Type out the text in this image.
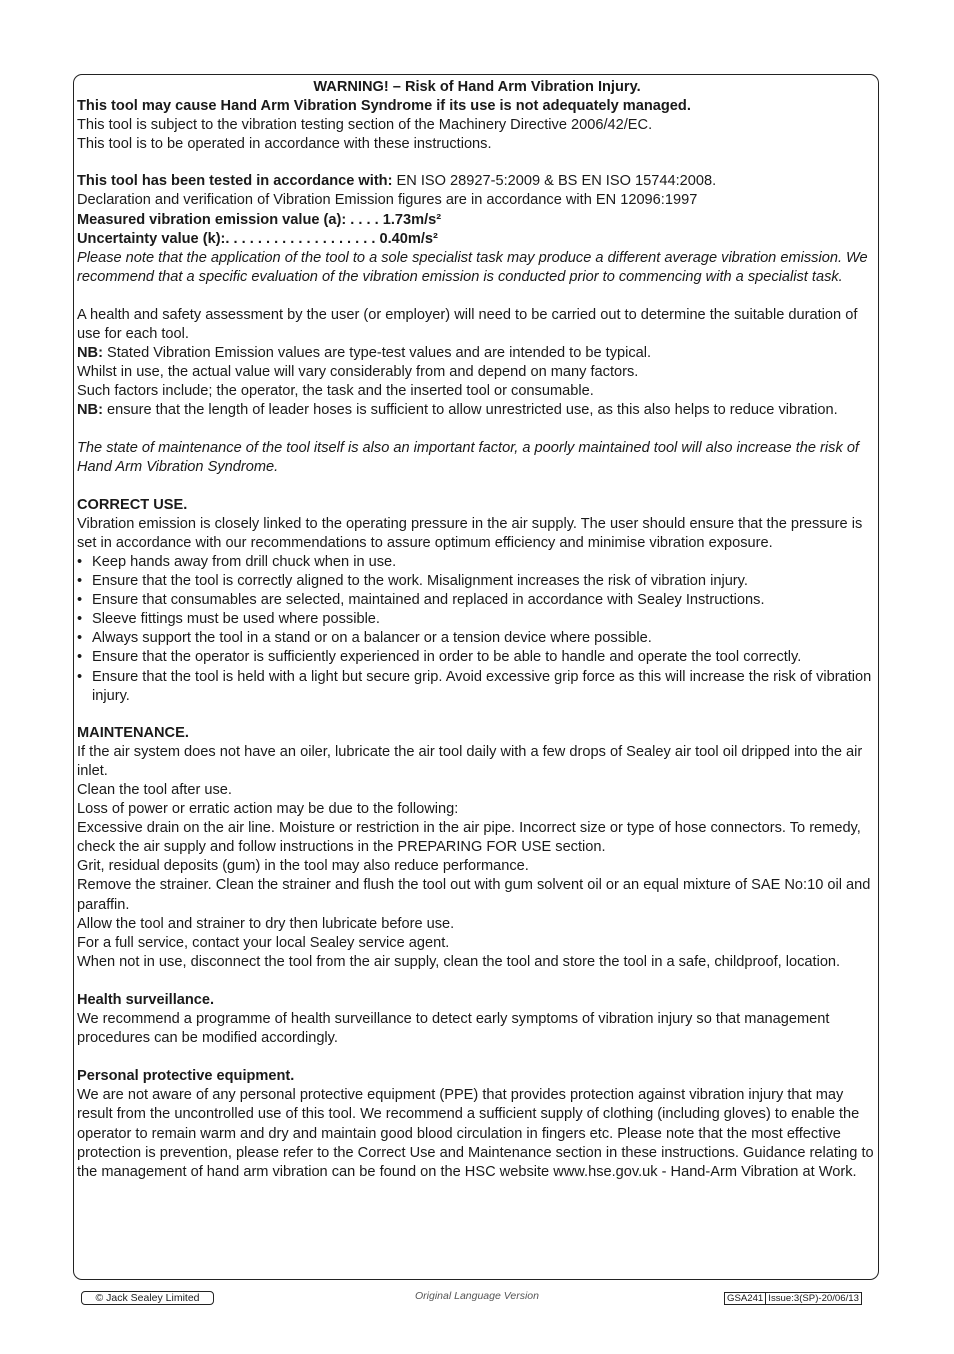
WARNING! – Risk of Hand Arm Vibration Injury.

This tool may cause Hand Arm Vibration Syndrome if its use is not adequately managed.

This tool is subject to the vibration testing section of the Machinery Directive 2006/42/EC.

This tool is to be operated in accordance with these instructions.

This tool has been tested in accordance with: EN ISO 28927-5:2009 & BS EN ISO 15744:2008.

Declaration and verification of Vibration Emission figures are in accordance with EN 12096:1997

Measured vibration emission value (a): . . . . 1.73m/s²

Uncertainty value (k):. . . . . . . . . . . . . . . . . . . 0.40m/s²

Please note that the application of the tool to a sole specialist task may produce a different average vibration emission. We recommend that a specific evaluation of the vibration emission is conducted prior to commencing with a specialist task.

A health and safety assessment by the user (or employer) will need to be carried out to determine the suitable duration of use for each tool.

NB: Stated Vibration Emission values are type-test values and are intended to be typical.

Whilst in use, the actual value will vary considerably from and depend on many factors.

Such factors include; the operator, the task and the inserted tool or consumable.

NB: ensure that the length of leader hoses is sufficient to allow unrestricted use, as this also helps to reduce vibration.

The state of maintenance of the tool itself is also an important factor, a poorly maintained tool will also increase the risk of Hand Arm Vibration Syndrome.

CORRECT USE.

Vibration emission is closely linked to the operating pressure in the air supply. The user should ensure that the pressure is set in accordance with our recommendations to assure optimum efficiency and minimise vibration exposure.

• Keep hands away from drill chuck when in use.
• Ensure that the tool is correctly aligned to the work. Misalignment increases the risk of vibration injury.
• Ensure that consumables are selected, maintained and replaced in accordance with Sealey Instructions.
• Sleeve fittings must be used where possible.
• Always support the tool in a stand or on a balancer or a tension device where possible.
• Ensure that the operator is sufficiently experienced in order to be able to handle and operate the tool correctly.
• Ensure that the tool is held with a light but secure grip. Avoid excessive grip force as this will increase the risk of vibration injury.

MAINTENANCE.

If the air system does not have an oiler, lubricate the air tool daily with a few drops of Sealey air tool oil dripped into the air inlet.

Clean the tool after use.

Loss of power or erratic action may be due to the following:

Excessive drain on the air line. Moisture or restriction in the air pipe. Incorrect size or type of hose connectors. To remedy, check the air supply and follow instructions in the PREPARING FOR USE section.

Grit, residual deposits (gum) in the tool may also reduce performance.

Remove the strainer. Clean the strainer and flush the tool out with gum solvent oil or an equal mixture of SAE No:10 oil and paraffin.

Allow the tool and strainer to dry then lubricate before use.

For a full service, contact your local Sealey service agent.

When not in use, disconnect the tool from the air supply, clean the tool and store the tool in a safe, childproof, location.

Health surveillance.

We recommend a programme of health surveillance to detect early symptoms of vibration injury so that management procedures can be modified accordingly.

Personal protective equipment.

We are not aware of any personal protective equipment (PPE) that provides protection against vibration injury that may result from the uncontrolled use of this tool. We recommend a sufficient supply of clothing (including gloves) to enable the operator to remain warm and dry and maintain good blood circulation in fingers etc. Please note that the most effective protection is prevention, please refer to the Correct Use and Maintenance section in these instructions. Guidance relating to the management of hand arm vibration can be found on the HSC website www.hse.gov.uk - Hand-Arm Vibration at Work.

© Jack Sealey Limited	Original Language Version	GSA241 Issue:3(SP)-20/06/13
